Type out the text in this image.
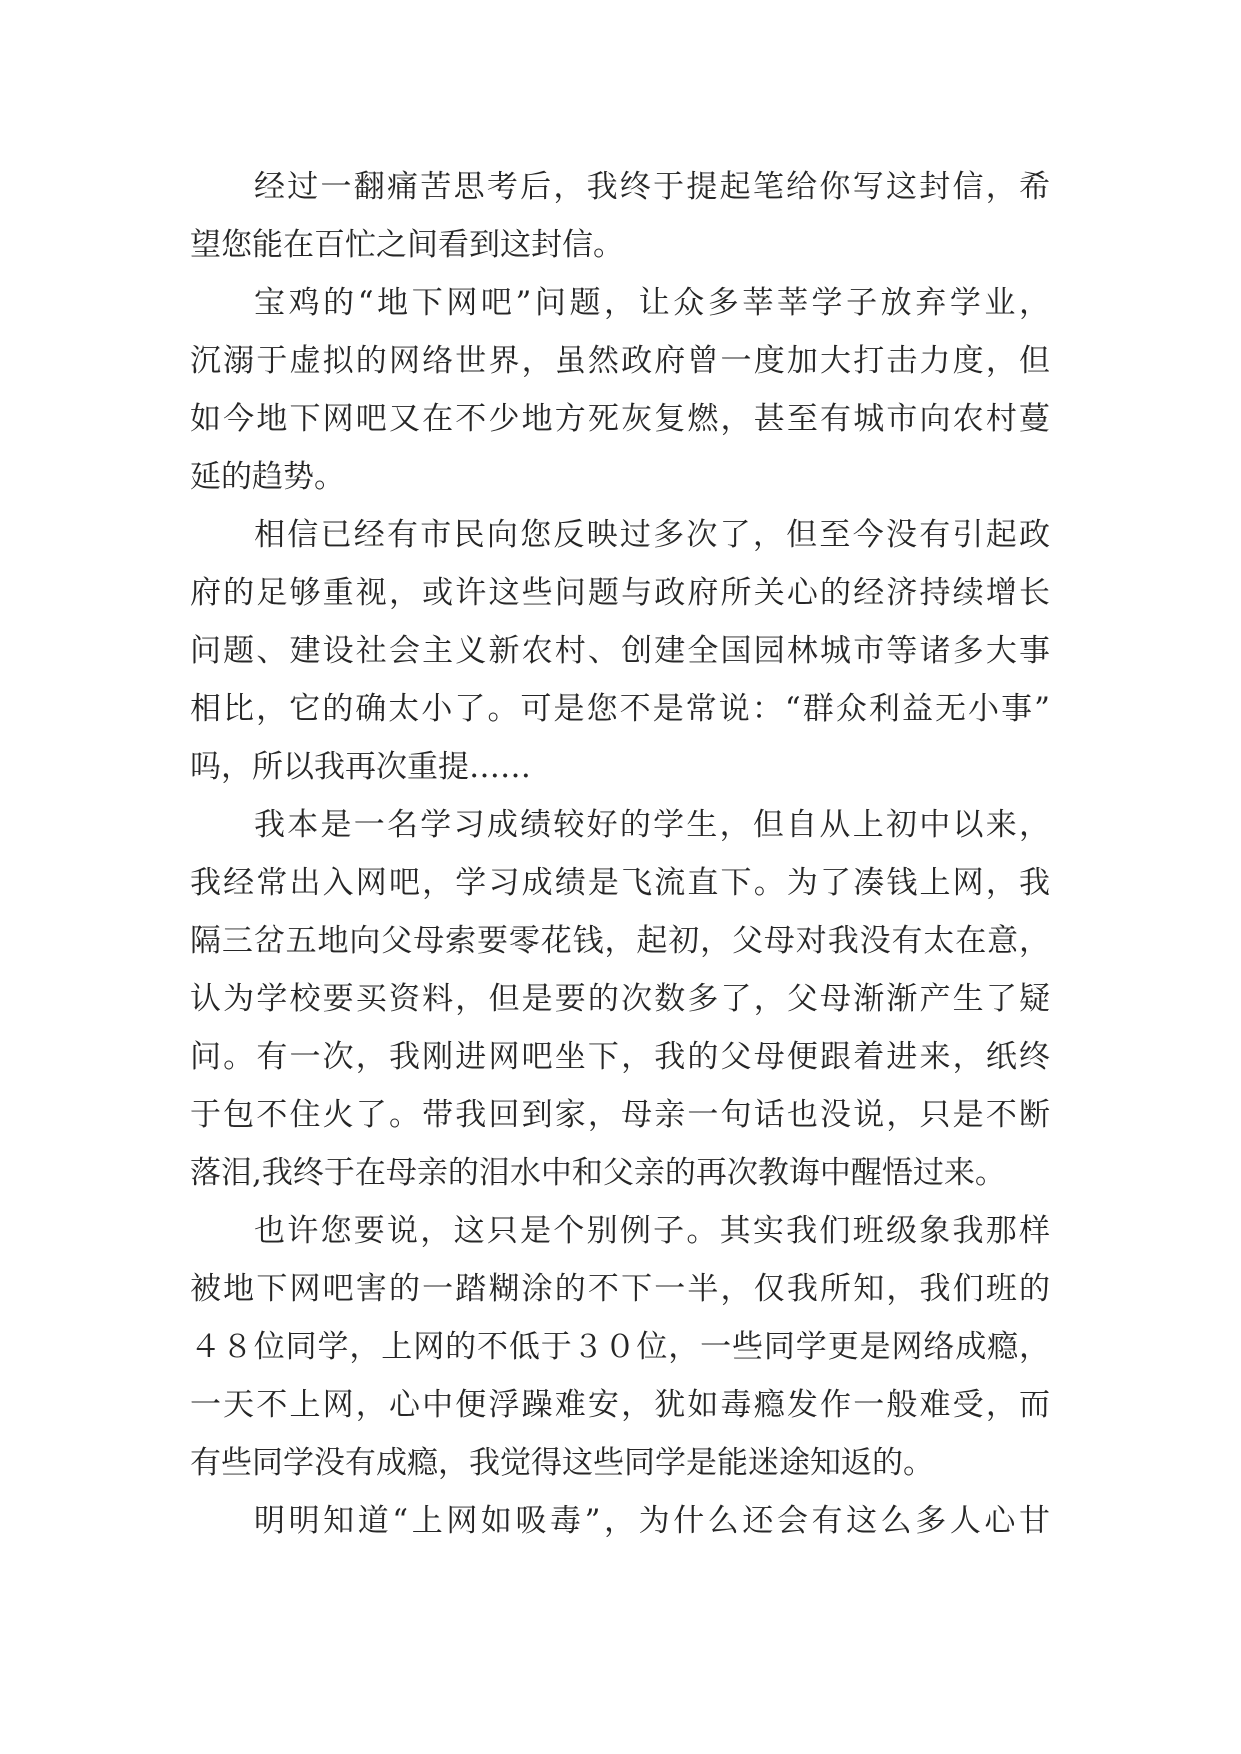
经过一翻痛苦思考后，我终于提起笔给你写这封信，希
望您能在百忙之间看到这封信。
宝鸡的“地下网吧”问题，让众多莘莘学子放弃学业，
沉溺于虚拟的网络世界，虽然政府曾一度加大打击力度，但
如今地下网吧又在不少地方死灰复燃，甚至有城市向农村蔓
延的趋势。
相信已经有市民向您反映过多次了，但至今没有引起政
府的足够重视，或许这些问题与政府所关心的经济持续增长
问题、建设社会主义新农村、创建全国园林城市等诸多大事
相比，它的确太小了。可是您不是常说：“群众利益无小事”
吗，所以我再次重提……
我本是一名学习成绩较好的学生，但自从上初中以来，
我经常出入网吧，学习成绩是飞流直下。为了凑钱上网，我
隔三岔五地向父母索要零花钱，起初，父母对我没有太在意，
认为学校要买资料，但是要的次数多了，父母渐渐产生了疑
问。有一次，我刚进网吧坐下，我的父母便跟着进来，纸终
于包不住火了。带我回到家，母亲一句话也没说，只是不断
落泪,我终于在母亲的泪水中和父亲的再次教诲中醒悟过来。
也许您要说，这只是个别例子。其实我们班级象我那样
被地下网吧害的一踏糊涂的不下一半，仅我所知，我们班的
４８位同学，上网的不低于３０位，一些同学更是网络成瘾，
一天不上网，心中便浮躁难安，犹如毒瘾发作一般难受，而
有些同学没有成瘾，我觉得这些同学是能迷途知返的。
明明知道“上网如吸毒”，为什么还会有这么多人心甘
